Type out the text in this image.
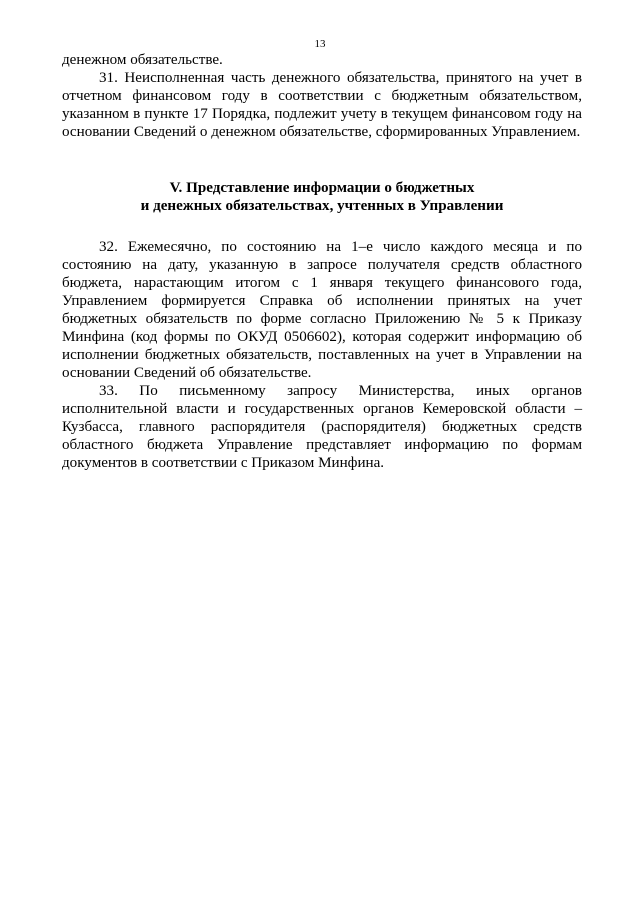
13

денежном обязательстве.

31. Неисполненная часть денежного обязательства, принятого на учет в отчетном финансовом году в соответствии с бюджетным обязательством, указанном в пункте 17 Порядка, подлежит учету в текущем финансовом году на основании Сведений о денежном обязательстве, сформированных Управлением.

V. Представление информации о бюджетных
и денежных обязательствах, учтенных в Управлении

32. Ежемесячно, по состоянию на 1–е число каждого месяца и по состоянию на дату, указанную в запросе получателя средств областного бюджета, нарастающим итогом с 1 января текущего финансового года, Управлением формируется Справка об исполнении принятых на учет бюджетных обязательств по форме согласно Приложению № 5 к Приказу Минфина (код формы по ОКУД 0506602), которая содержит информацию об исполнении бюджетных обязательств, поставленных на учет в Управлении на основании Сведений об обязательстве.

33. По письменному запросу Министерства, иных органов исполнительной власти и государственных органов Кемеровской области – Кузбасса, главного распорядителя (распорядителя) бюджетных средств областного бюджета Управление представляет информацию по формам документов в соответствии с Приказом Минфина.
